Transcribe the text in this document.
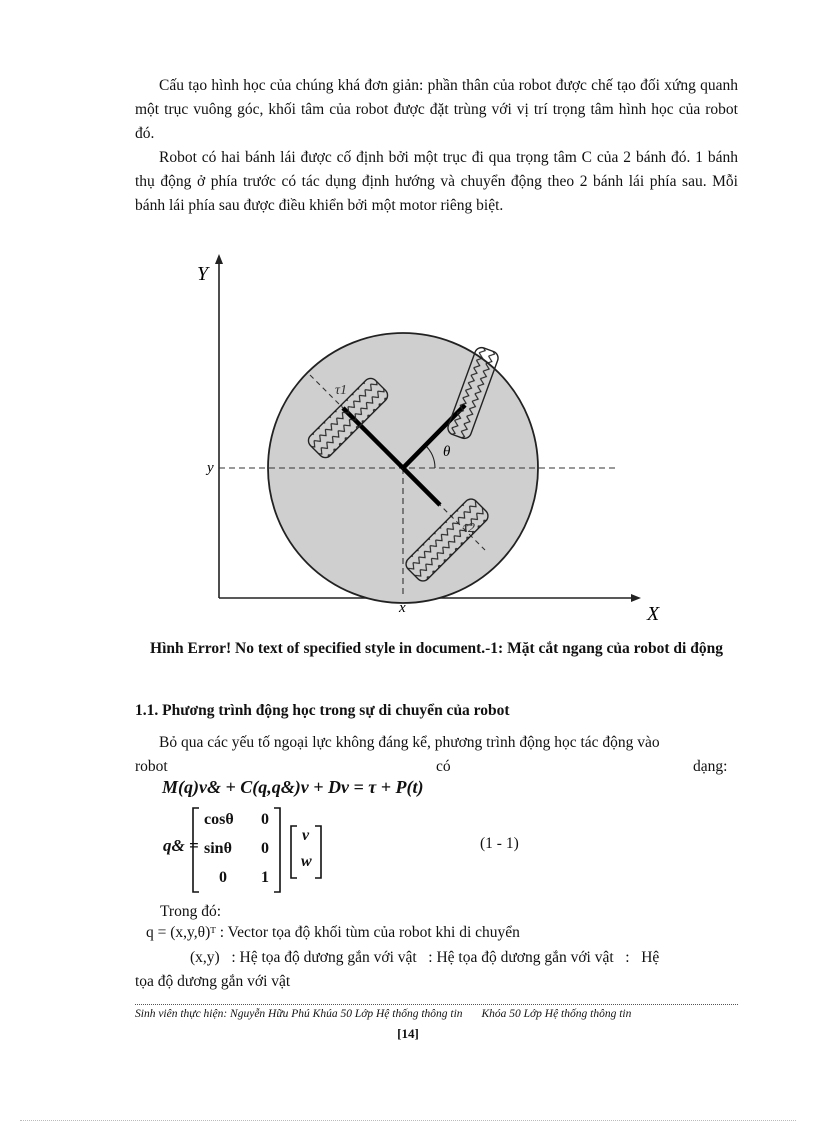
Cấu tạo hình học của chúng khá đơn giản: phần thân của robot được chế tạo đối xứng quanh một trục vuông góc, khối tâm của robot được đặt trùng với vị trí trọng tâm hình học của robot đó.
Robot có hai bánh lái được cố định bởi một trục đi qua trọng tâm C của 2 bánh đó. 1 bánh thụ động ở phía trước có tác dụng định hướng và chuyển động theo 2 bánh lái phía sau. Mỗi bánh lái phía sau được điều khiển bởi một motor riêng biệt.
Y
X
y
x
τ1
τ2
θ
Hình Error! No text of specified style in document.-1: Mặt cắt ngang của robot di động
1.1. Phương trình động học trong sự di chuyển của robot
Bỏ qua các yếu tố ngoại lực không đáng kể, phương trình động học tác động vào
robot	có	dạng:
M(q)v& + C(q,q&)v + Dv = τ + P(t)
q& =
cosθ 0
sinθ 0
0 1
v
w
(1 - 1)
Trong đó:
q = (x,y,θ)ᵀ : Vector tọa độ khối tùm của robot khi di chuyển
(x,y)   : Hệ tọa độ dương gắn với vật   : Hệ tọa độ dương gắn với vật   :   Hệ
tọa độ dương gắn với vật
Sinh viên thực hiện: Nguyễn Hữu Phú Khúa 50 Lớp Hệ thống thông tin Khóa 50 Lớp Hệ thống thông tin
[14]
